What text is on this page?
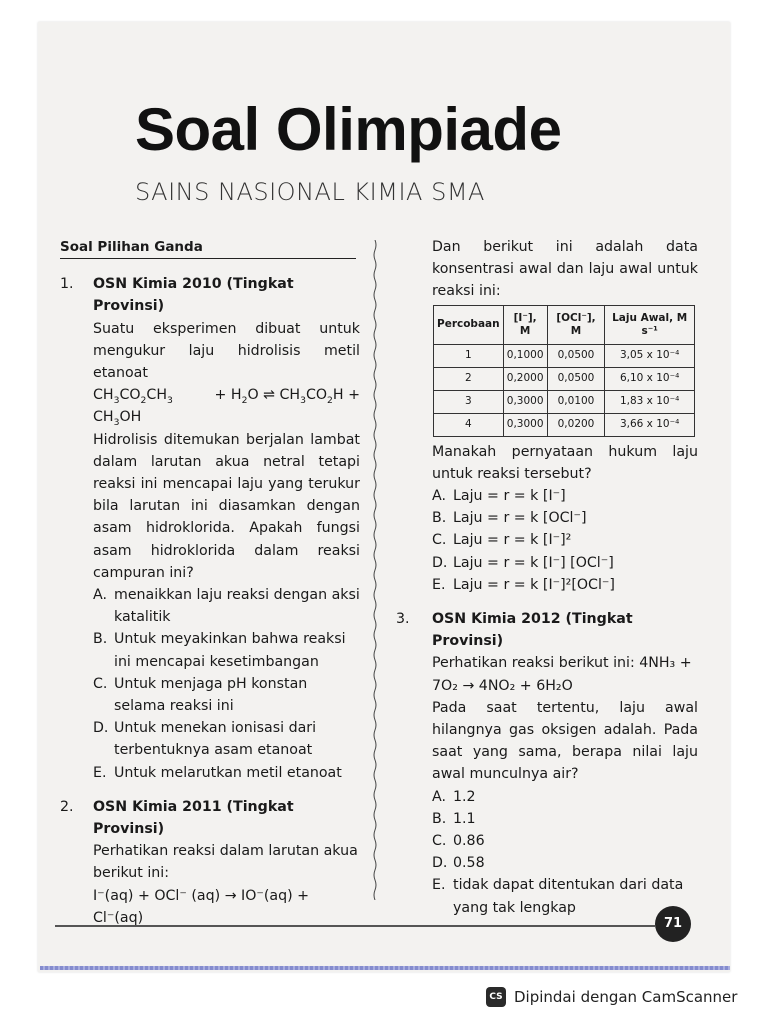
Soal Olimpiade
SAINS NASIONAL KIMIA SMA

Soal Pilihan Ganda

1. OSN Kimia 2010 (Tingkat Provinsi)

Suatu eksperimen dibuat untuk mengukur laju hidrolisis metil etanoat

$CH_3CO_2CH_3$	+ $H_2O$ ⇌ $CH_3CO_2H$ +

$CH_3OH$

Hidrolisis ditemukan berjalan lambat dalam larutan akua netral tetapi reaksi ini mencapai laju yang terukur bila larutan ini diasamkan dengan asam hidroklorida. Apakah fungsi asam hidroklorida dalam reaksi campuran ini?

A. menaikkan laju reaksi dengan aksi katalitik
B. Untuk meyakinkan bahwa reaksi ini mencapai kesetimbangan
C. Untuk menjaga pH konstan selama reaksi ini
D. Untuk menekan ionisasi dari terbentuknya asam etanoat
E. Untuk melarutkan metil etanoat
2. OSN Kimia 2011 (Tingkat Provinsi)

Perhatikan reaksi dalam larutan akua berikut ini:

I⁻(aq) + OCl⁻ (aq) → IO⁻(aq) + Cl⁻(aq)

Dan berikut ini adalah data konsentrasi awal dan laju awal untuk reaksi ini:

Percobaan	[I⁻], M	[OCl⁻], M	Laju Awal, M s⁻¹
1	0,1000	0,0500	3,05 x 10⁻⁴
2	0,2000	0,0500	6,10 x 10⁻⁴
3	0,3000	0,0100	1,83 x 10⁻⁴
4	0,3000	0,0200	3,66 x 10⁻⁴

Manakah pernyataan hukum laju untuk reaksi tersebut?

A. Laju = r = k [I⁻]
B. Laju = r = k [OCl⁻]
C. Laju = r = k [I⁻]²
D. Laju = r = k [I⁻] [OCl⁻]
E. Laju = r = k [I⁻]²[OCl⁻]
3. OSN Kimia 2012 (Tingkat Provinsi)

Perhatikan reaksi berikut ini: 4NH₃ + 7O₂ → 4NO₂ + 6H₂O

Pada saat tertentu, laju awal hilangnya gas oksigen adalah. Pada saat yang sama, berapa nilai laju awal munculnya air?

A. 1.2
B. 1.1
C. 0.86
D. 0.58
E. tidak dapat ditentukan dari data yang tak lengkap
71
CS Dipindai dengan CamScanner
